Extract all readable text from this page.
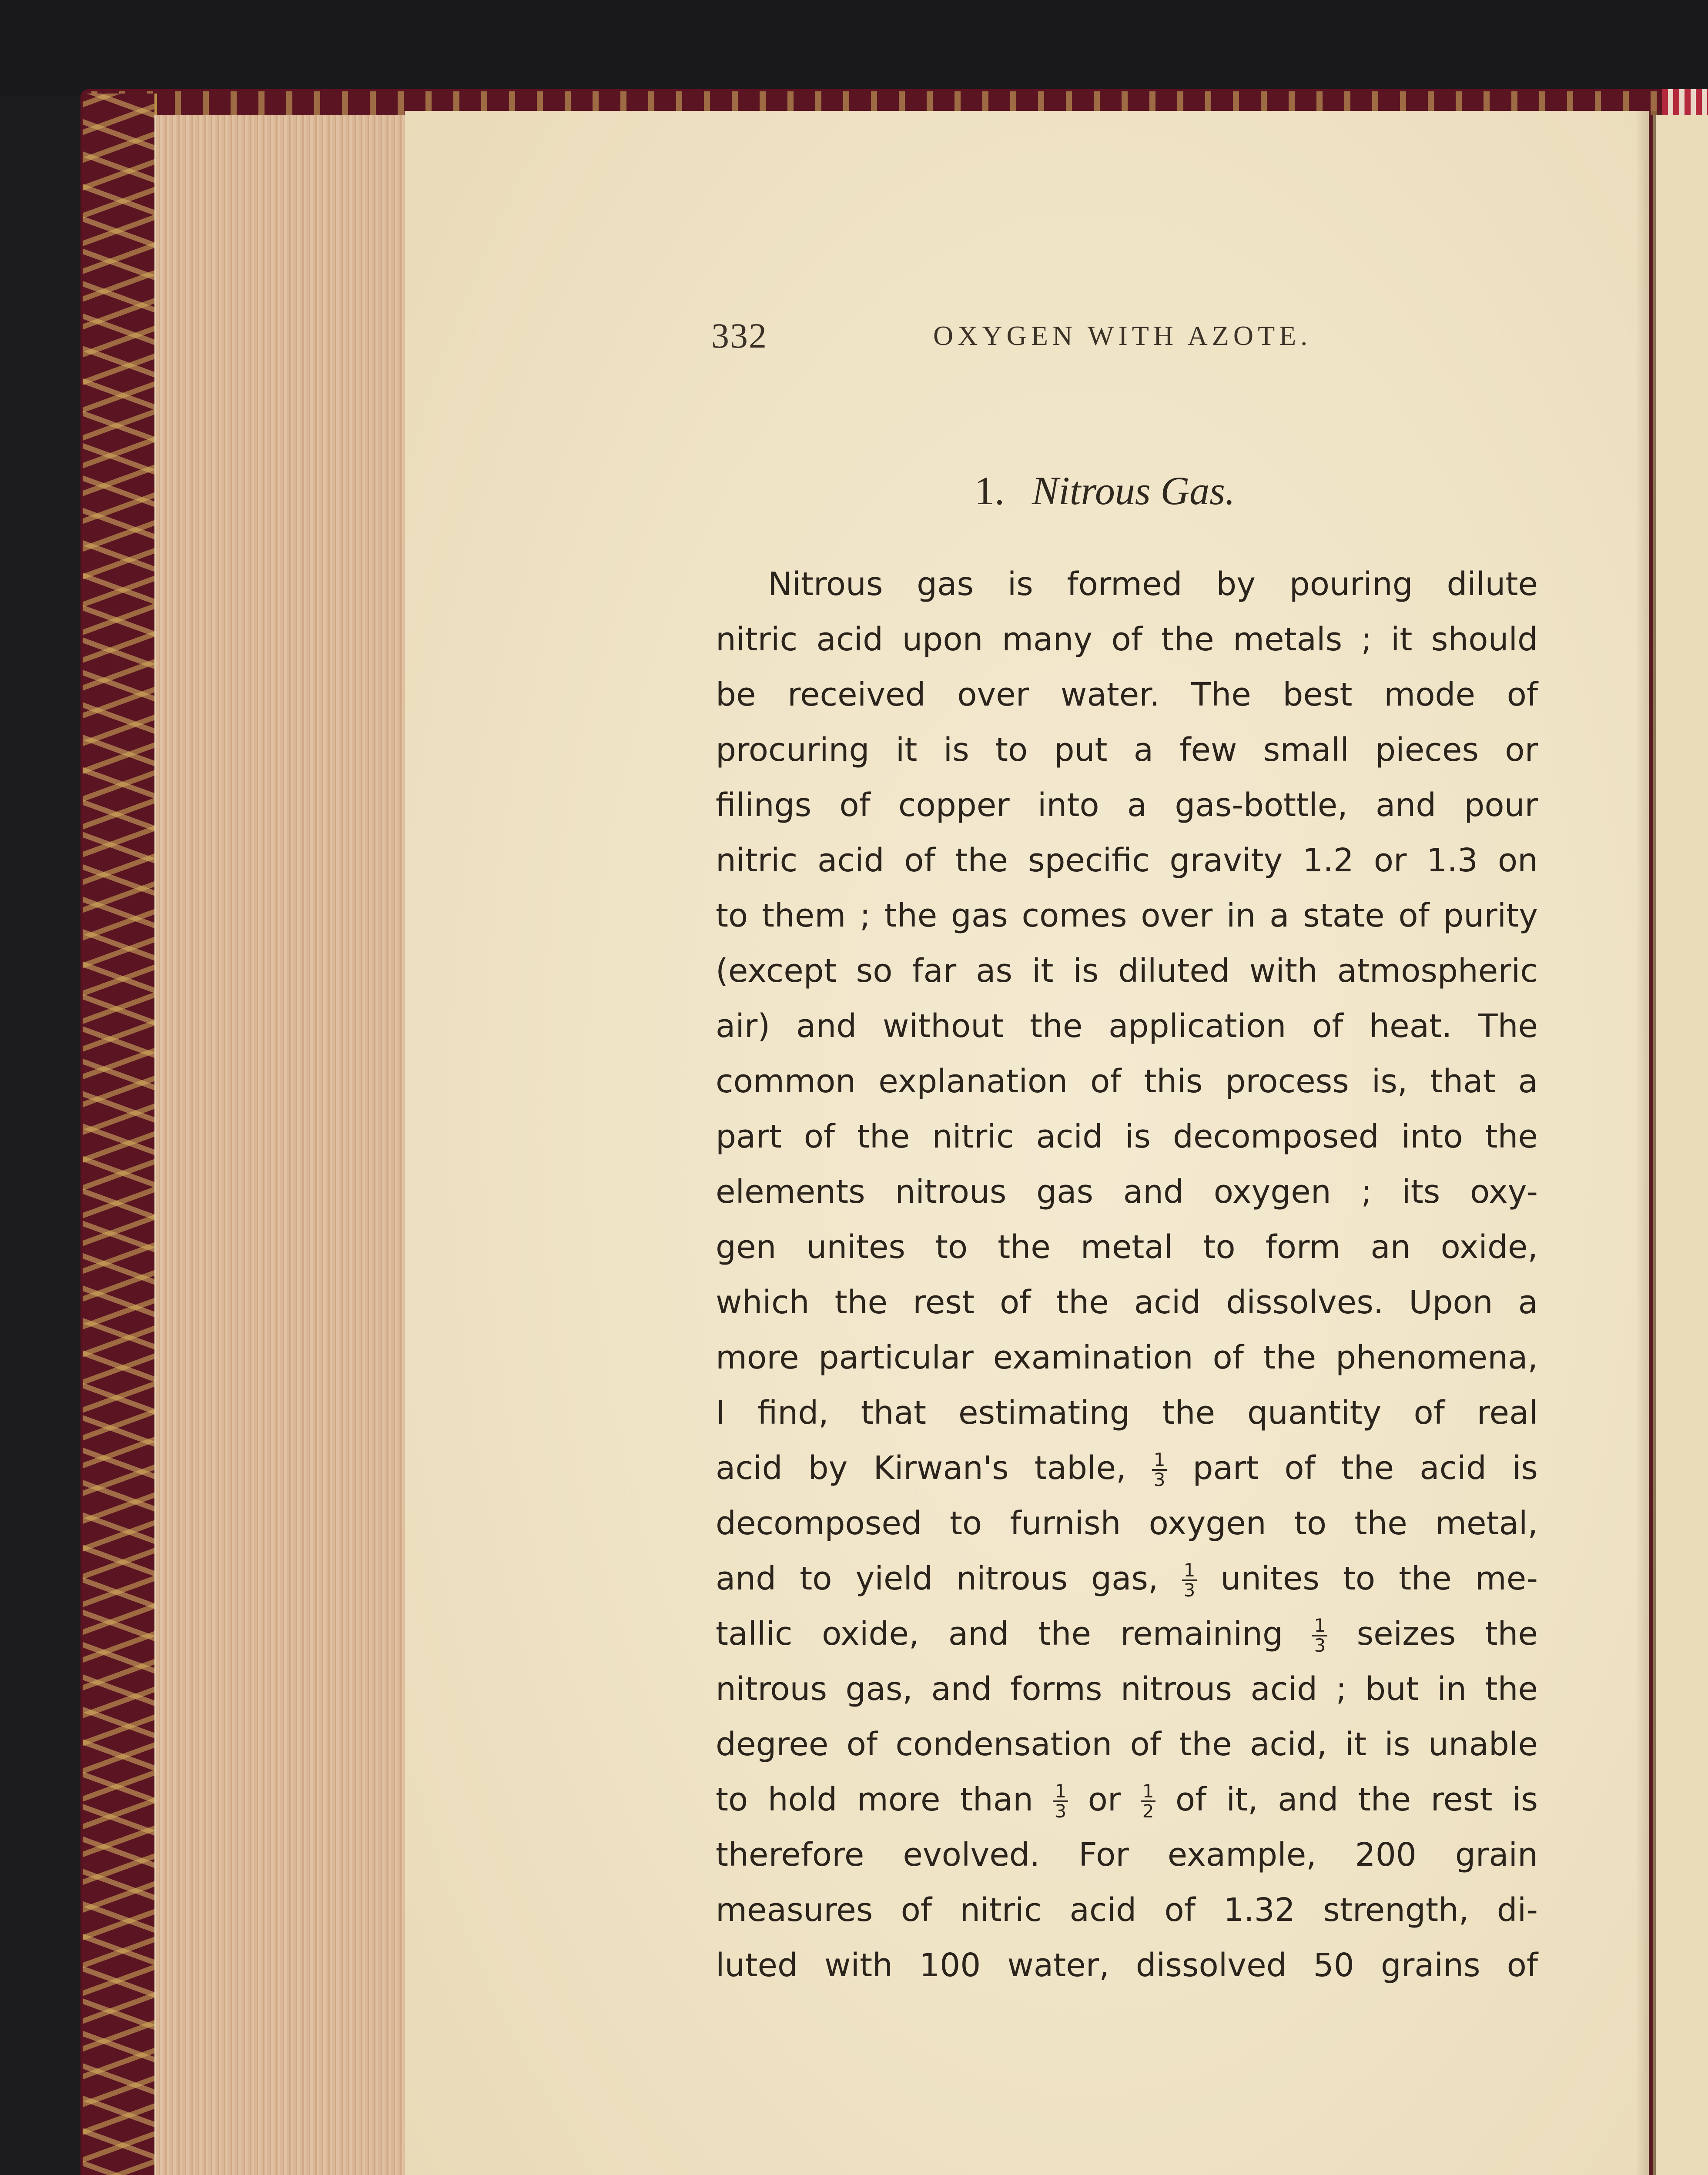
332	OXYGEN WITH AZOTE.
1. Nitrous Gas.
Nitrous gas is formed by pouring dilute
nitric acid upon many of the metals ; it should
be received over water. The best mode of
procuring it is to put a few small pieces or
filings of copper into a gas-bottle, and pour
nitric acid of the specific gravity 1.2 or 1.3 on
to them ; the gas comes over in a state of purity
(except so far as it is diluted with atmospheric
air) and without the application of heat. The
common explanation of this process is, that a
part of the nitric acid is decomposed into the
elements nitrous gas and oxygen ; its oxy-
gen unites to the metal to form an oxide,
which the rest of the acid dissolves. Upon a
more particular examination of the phenomena,
I find, that estimating the quantity of real
acid by Kirwan's table, $\frac{1}{3}$ part of the acid is
decomposed to furnish oxygen to the metal,
and to yield nitrous gas, $\frac{1}{3}$ unites to the me-
tallic oxide, and the remaining $\frac{1}{3}$ seizes the
nitrous gas, and forms nitrous acid ; but in the
degree of condensation of the acid, it is unable
to hold more than $\frac{1}{3}$ or $\frac{1}{2}$ of it, and the rest is
therefore evolved. For example, 200 grain
measures of nitric acid of 1.32 strength, di-
luted with 100 water, dissolved 50 grains of
